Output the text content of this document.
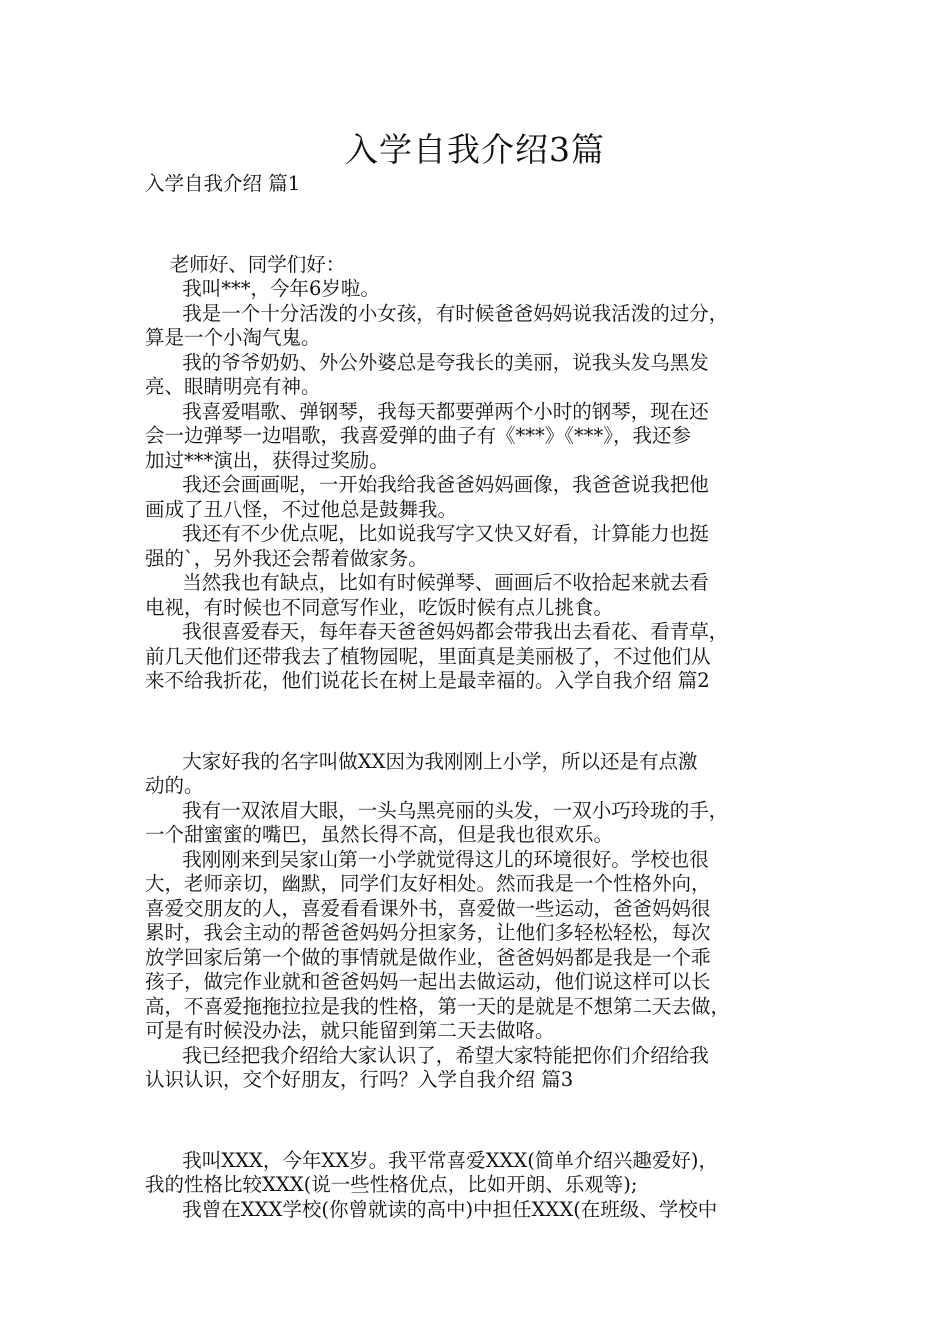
入学自我介绍3篇
入学自我介绍 篇1
老师好、同学们好：
我叫***，今年6岁啦。
我是一个十分活泼的小女孩，有时候爸爸妈妈说我活泼的过分，
算是一个小淘气鬼。
我的爷爷奶奶、外公外婆总是夸我长的美丽，说我头发乌黑发
亮、眼睛明亮有神。
我喜爱唱歌、弹钢琴，我每天都要弹两个小时的钢琴，现在还
会一边弹琴一边唱歌，我喜爱弹的曲子有《***》《***》，我还参
加过***演出，获得过奖励。
我还会画画呢，一开始我给我爸爸妈妈画像，我爸爸说我把他
画成了丑八怪，不过他总是鼓舞我。
我还有不少优点呢，比如说我写字又快又好看，计算能力也挺
强的`，另外我还会帮着做家务。
当然我也有缺点，比如有时候弹琴、画画后不收拾起来就去看
电视，有时候也不同意写作业，吃饭时候有点儿挑食。
我很喜爱春天，每年春天爸爸妈妈都会带我出去看花、看青草，
前几天他们还带我去了植物园呢，里面真是美丽极了，不过他们从
来不给我折花，他们说花长在树上是最幸福的。入学自我介绍 篇2
大家好我的名字叫做XX因为我刚刚上小学，所以还是有点激
动的。
我有一双浓眉大眼，一头乌黑亮丽的头发，一双小巧玲珑的手，
一个甜蜜蜜的嘴巴，虽然长得不高，但是我也很欢乐。
我刚刚来到吴家山第一小学就觉得这儿的环境很好。学校也很
大，老师亲切，幽默，同学们友好相处。然而我是一个性格外向，
喜爱交朋友的人，喜爱看看课外书，喜爱做一些运动，爸爸妈妈很
累时，我会主动的帮爸爸妈妈分担家务，让他们多轻松轻松，每次
放学回家后第一个做的事情就是做作业，爸爸妈妈都是我是一个乖
孩子，做完作业就和爸爸妈妈一起出去做运动，他们说这样可以长
高，不喜爱拖拖拉拉是我的性格，第一天的是就是不想第二天去做，
可是有时候没办法，就只能留到第二天去做咯。
我已经把我介绍给大家认识了，希望大家特能把你们介绍给我
认识认识，交个好朋友，行吗？入学自我介绍 篇3
我叫XXX，今年XX岁。我平常喜爱XXX(简单介绍兴趣爱好)，
我的性格比较XXX(说一些性格优点，比如开朗、乐观等);
我曾在XXX学校(你曾就读的高中)中担任XXX(在班级、学校中
